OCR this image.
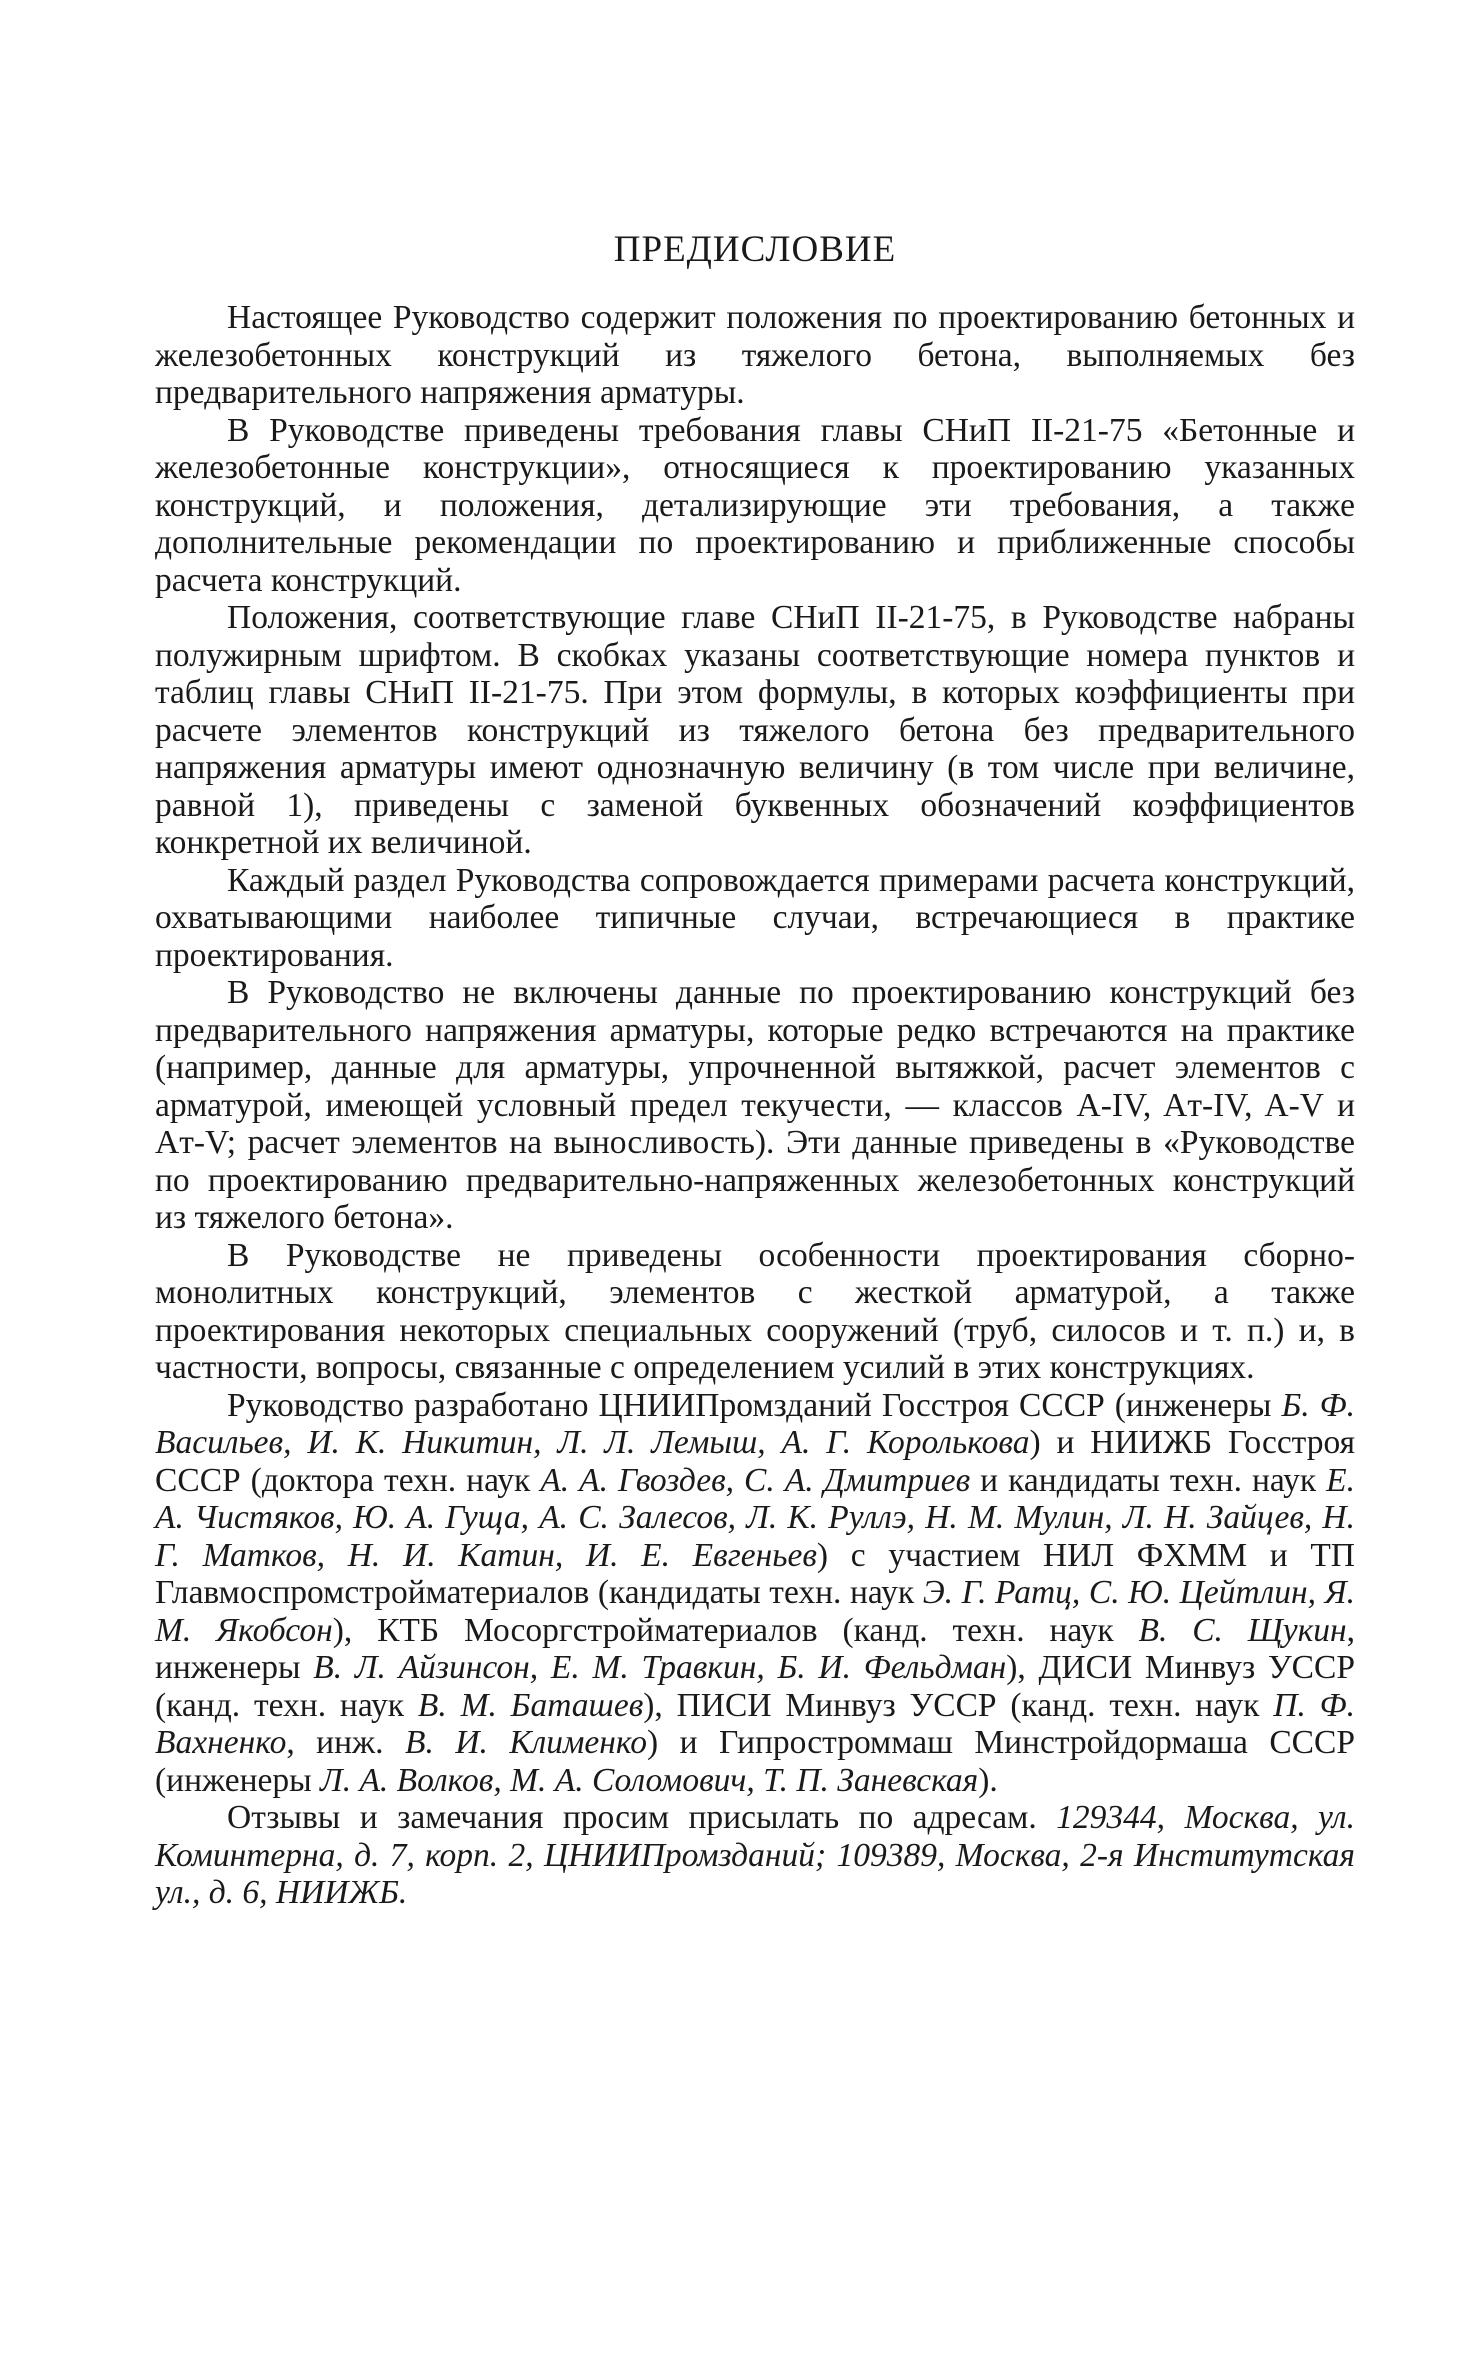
ПРЕДИСЛОВИЕ

Настоящее Руководство содержит положения по проектированию бетонных и железобетонных конструкций из тяжелого бетона, выполняемых без предварительного напряжения арматуры.

В Руководстве приведены требования главы СНиП II-21-75 «Бетонные и железобетонные конструкции», относящиеся к проектированию указанных конструкций, и положения, детализирующие эти требования, а также дополнительные рекомендации по проектированию и приближенные способы расчета конструкций.

Положения, соответствующие главе СНиП II-21-75, в Руководстве набраны полужирным шрифтом. В скобках указаны соответствующие номера пунктов и таблиц главы СНиП II-21-75. При этом формулы, в которых коэффициенты при расчете элементов конструкций из тяжелого бетона без предварительного напряжения арматуры имеют однозначную величину (в том числе при величине, равной 1), приведены с заменой буквенных обозначений коэффициентов конкретной их величиной.

Каждый раздел Руководства сопровождается примерами расчета конструкций, охватывающими наиболее типичные случаи, встречающиеся в практике проектирования.

В Руководство не включены данные по проектированию конструкций без предварительного напряжения арматуры, которые редко встречаются на практике (например, данные для арматуры, упрочненной вытяжкой, расчет элементов с арматурой, имеющей условный предел текучести, — классов A-IV, Aт-IV, A-V и Aт-V; расчет элементов на выносливость). Эти данные приведены в «Руководстве по проектированию предварительно-напряженных железобетонных конструкций из тяжелого бетона».

В Руководстве не приведены особенности проектирования сборно-монолитных конструкций, элементов с жесткой арматурой, а также проектирования некоторых специальных сооружений (труб, силосов и т. п.) и, в частности, вопросы, связанные с определением усилий в этих конструкциях.

Руководство разработано ЦНИИПромзданий Госстроя СССР (инженеры Б. Ф. Васильев, И. К. Никитин, Л. Л. Лемыш, А. Г. Королькова) и НИИЖБ Госстроя СССР (доктора техн. наук А. А. Гвоздев, С. А. Дмитриев и кандидаты техн. наук Е. А. Чистяков, Ю. А. Гуща, А. С. Залесов, Л. К. Руллэ, Н. М. Мулин, Л. Н. Зайцев, Н. Г. Матков, Н. И. Катин, И. Е. Евгеньев) с участием НИЛ ФХММ и ТП Главмоспромстройматериалов (кандидаты техн. наук Э. Г. Ратц, С. Ю. Цейтлин, Я. М. Якобсон), КТБ Мосоргстройматериалов (канд. техн. наук В. С. Щукин, инженеры В. Л. Айзинсон, Е. М. Травкин, Б. И. Фельдман), ДИСИ Минвуз УССР (канд. техн. наук В. М. Баташев), ПИСИ Минвуз УССР (канд. техн. наук П. Ф. Вахненко, инж. В. И. Клименко) и Гипростроммаш Минстройдормаша СССР (инженеры Л. А. Волков, М. А. Соломович, Т. П. Заневская).

Отзывы и замечания просим присылать по адресам. 129344, Москва, ул. Коминтерна, д. 7, корп. 2, ЦНИИПромзданий; 109389, Москва, 2-я Институтская ул., д. 6, НИИЖБ.
